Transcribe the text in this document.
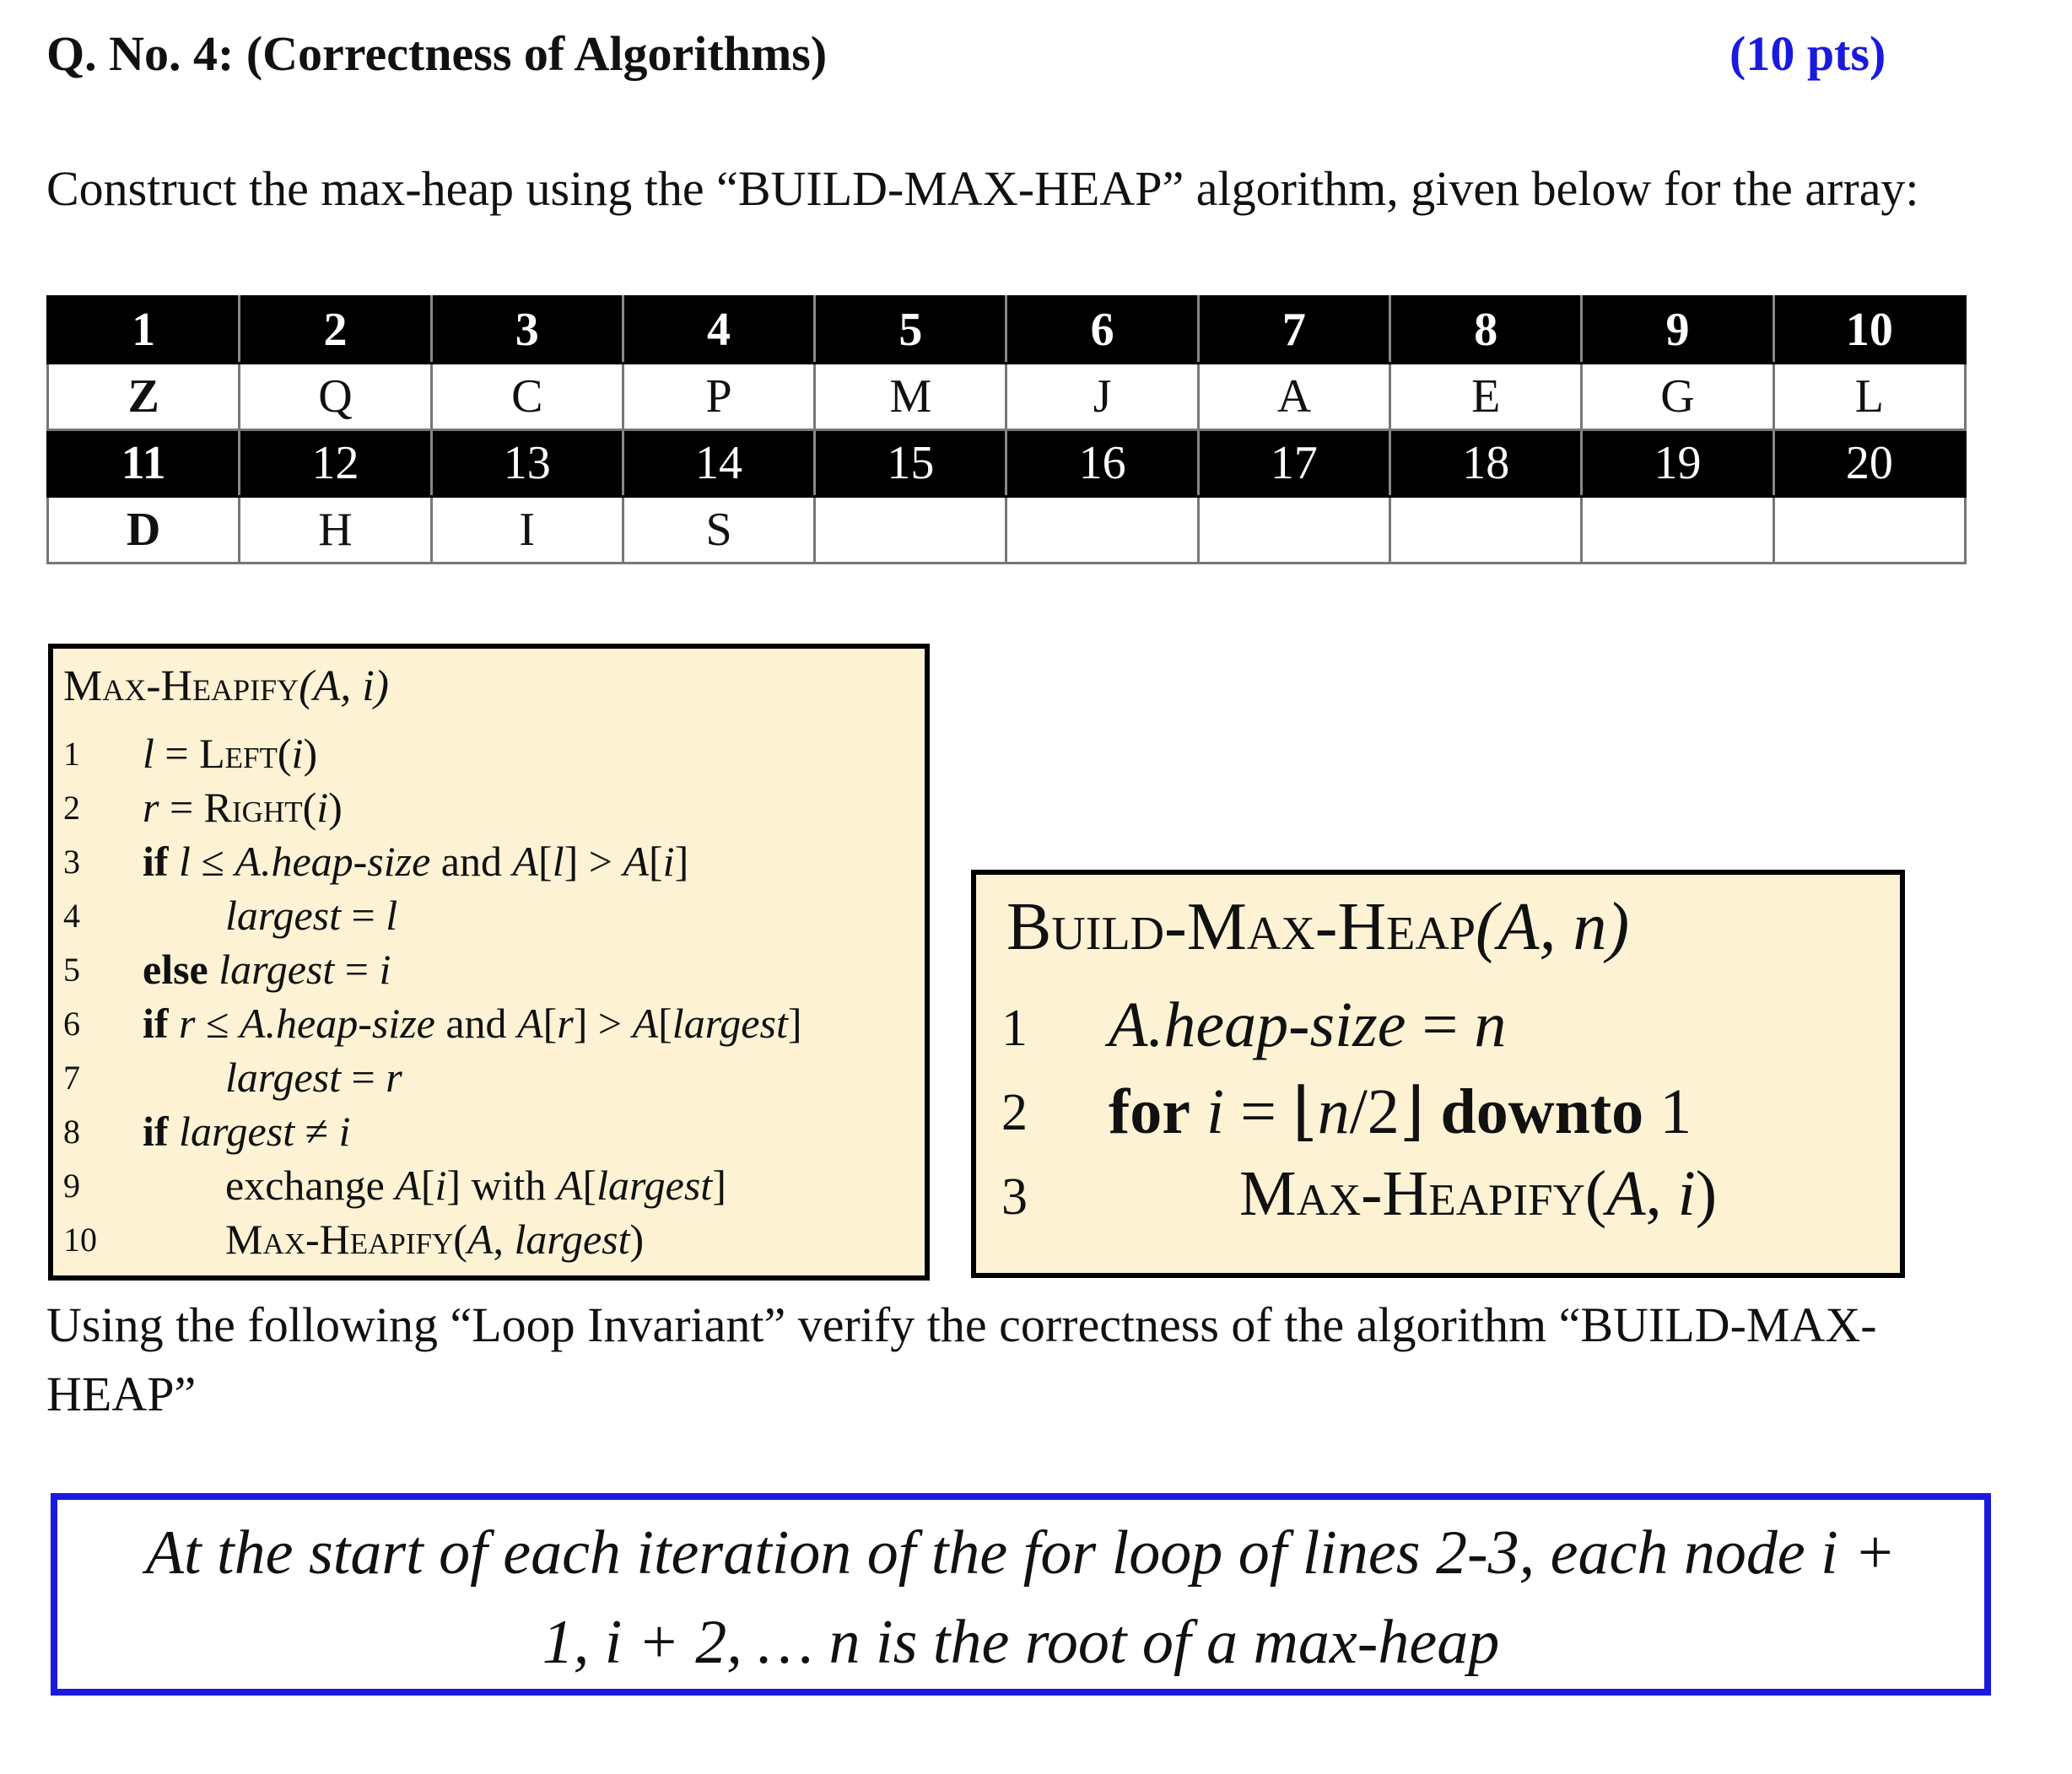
Q. No. 4: (Correctness of Algorithms)	(10 pts)
Construct the max-heap using the “BUILD-MAX-HEAP” algorithm, given below for the array:
1	2	3	4	5	6	7	8	9	10
Z	Q	C	P	M	J	A	E	G	L
11	12	13	14	15	16	17	18	19	20
D	H	I	S						
Max-Heapify(A, i)
1	l = Left(i)
2	r = Right(i)
3	if l ≤ A.heap-size and A[l] > A[i]
4	largest = l
5	else largest = i
6	if r ≤ A.heap-size and A[r] > A[largest]
7	largest = r
8	if largest ≠ i
9	exchange A[i] with A[largest]
10	Max-Heapify(A, largest)
Build-Max-Heap(A, n)
1 A.heap-size = n
2 for i = ⌊n/2⌋ downto 1
3	Max-Heapify(A, i)
Using the following “Loop Invariant” verify the correctness of the algorithm “BUILD-MAX-HEAP”
At the start of each iteration of the for loop of lines 2-3, each node i +
1, i + 2, … n is the root of a max-heap
